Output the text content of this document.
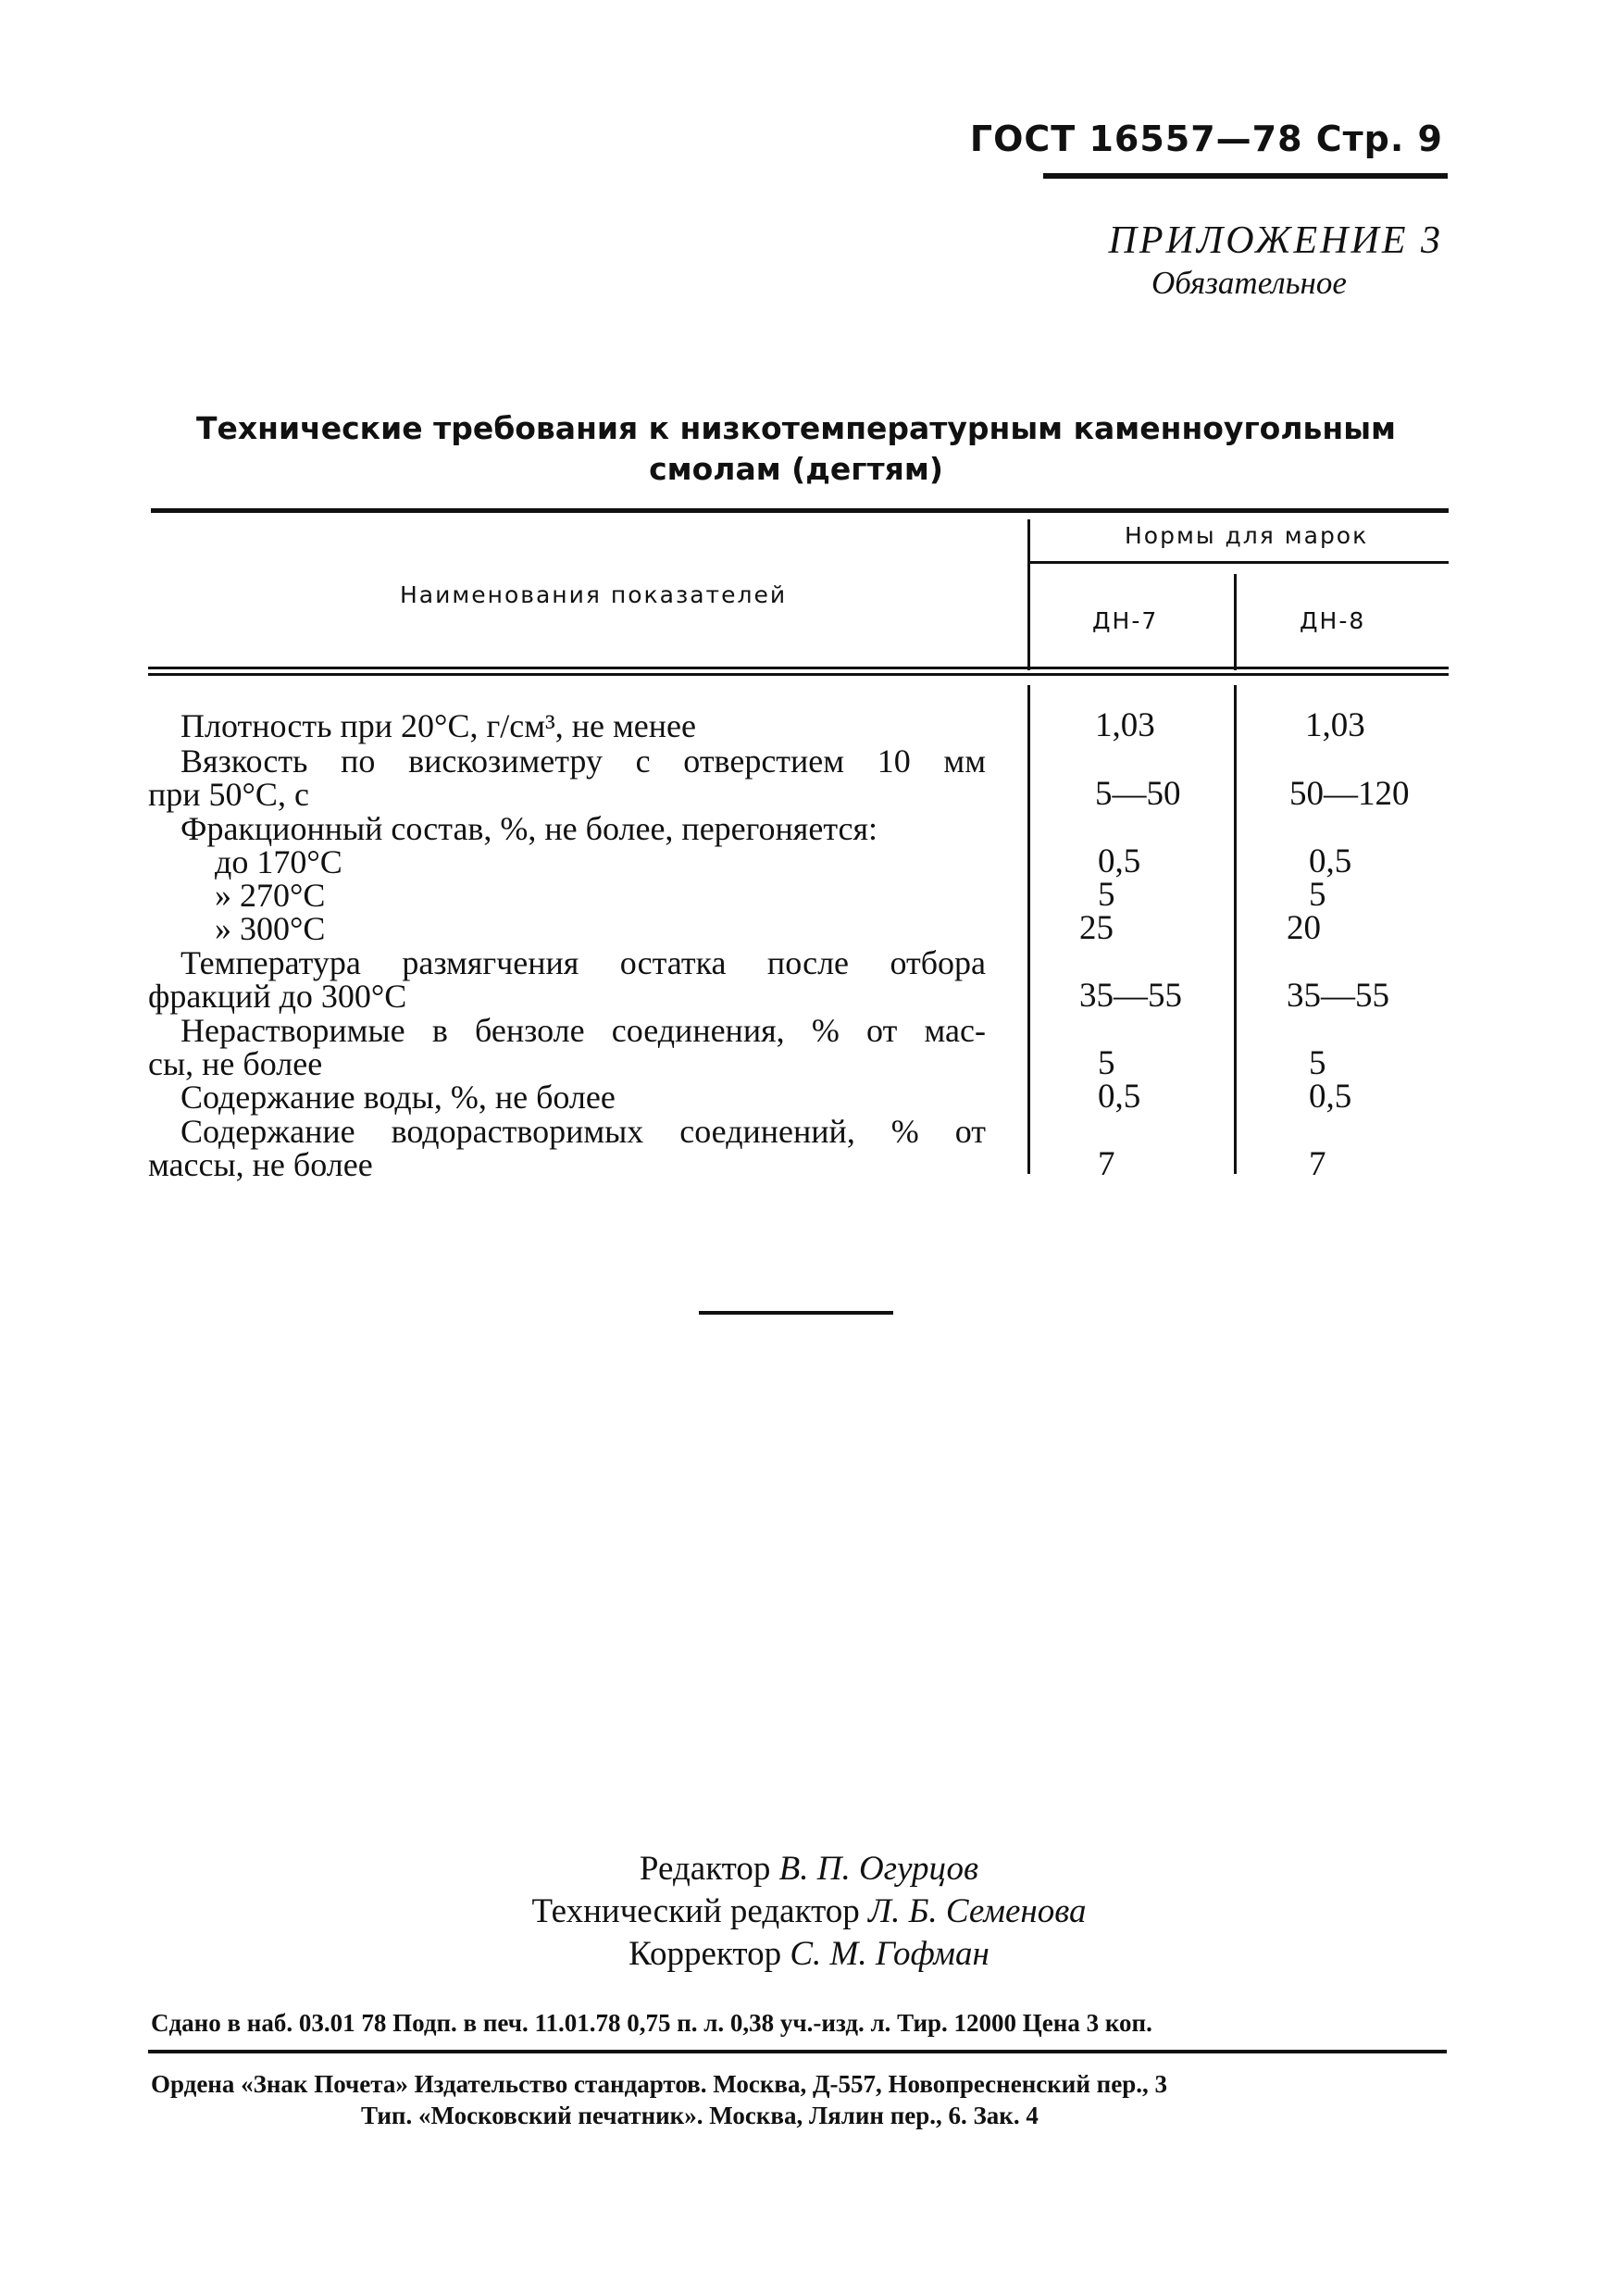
ГОСТ 16557—78 Стр. 9
ПРИЛОЖЕНИЕ 3
Обязательное
Технические требования к низкотемпературным каменноугольным
смолам (дегтям)
Наименования показателей
Нормы для марок
ДН-7	ДН-8
Плотность при 20°C, г/см³, не менее	1,03	1,03
Вязкость по вискозиметру с отверстием 10 мм
при 50°C, с	5—50	50—120
Фракционный состав, %, не более, перегоняется:
до 170°C	0,5	0,5
» 270°C	5	5
» 300°C	25	20
Температура размягчения остатка после отбора
фракций до 300°C	35—55	35—55
Нерастворимые в бензоле соединения, % от мас-
сы, не более	5	5
Содержание воды, %, не более	0,5	0,5
Содержание водорастворимых соединений, % от
массы, не более	7	7
Редактор В. П. Огурцов
Технический редактор Л. Б. Семенова
Корректор С. М. Гофман
Сдано в наб. 03.01 78 Подп. в печ. 11.01.78 0,75 п. л. 0,38 уч.-изд. л. Тир. 12000 Цена 3 коп.
Ордена «Знак Почета» Издательство стандартов. Москва, Д-557, Новопресненский пер., 3
Тип. «Московский печатник». Москва, Лялин пер., 6. Зак. 4
